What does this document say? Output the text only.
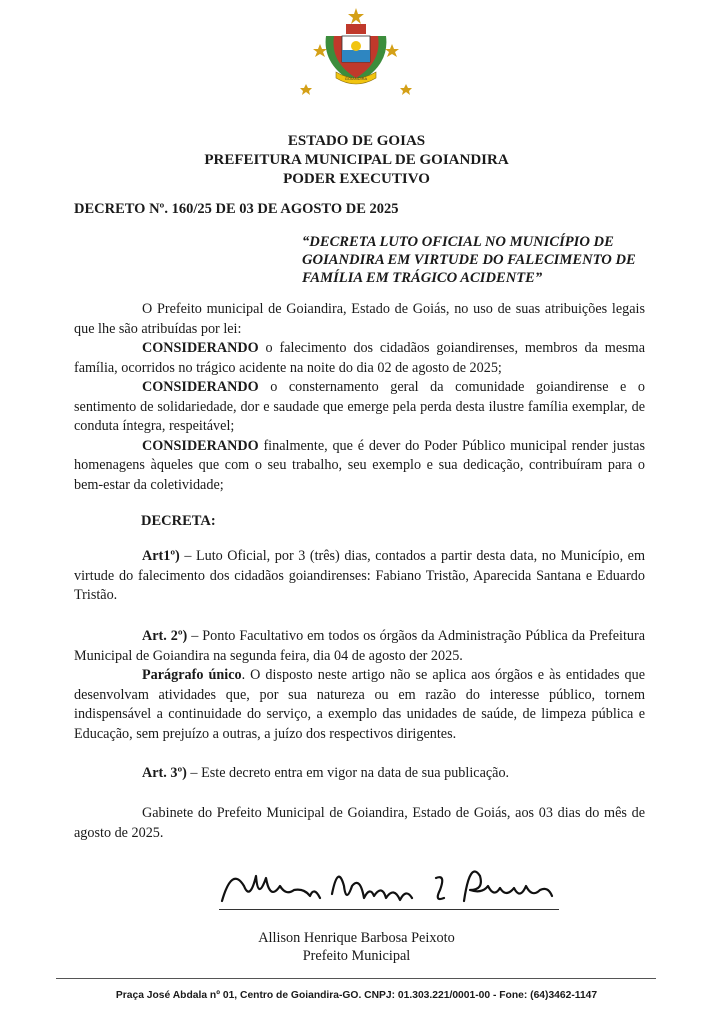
GOIANDIRA
ESTADO DE GOIAS
PREFEITURA MUNICIPAL DE GOIANDIRA
PODER EXECUTIVO
DECRETO Nº. 160/25 DE 03 DE AGOSTO DE 2025
“DECRETA LUTO OFICIAL NO MUNICÍPIO DE GOIANDIRA EM VIRTUDE DO FALECIMENTO DE FAMÍLIA EM TRÁGICO ACIDENTE”
O Prefeito municipal de Goiandira, Estado de Goiás, no uso de suas atribuições legais que lhe são atribuídas por lei:
CONSIDERANDO o falecimento dos cidadãos goiandirenses, membros da mesma família, ocorridos no trágico acidente na noite do dia 02 de agosto de 2025;
CONSIDERANDO o consternamento geral da comunidade goiandirense e o sentimento de solidariedade, dor e saudade que emerge pela perda desta ilustre família exemplar, de conduta íntegra, respeitável;
CONSIDERANDO finalmente, que é dever do Poder Público municipal render justas homenagens àqueles que com o seu trabalho, seu exemplo e sua dedicação, contribuíram para o bem-estar da coletividade;
DECRETA:
Art1º) – Luto Oficial, por 3 (três) dias, contados a partir desta data, no Município, em virtude do falecimento dos cidadãos goiandirenses: Fabiano Tristão, Aparecida Santana e Eduardo Tristão.
Art. 2º) – Ponto Facultativo em todos os órgãos da Administração Pública da Prefeitura Municipal de Goiandira na segunda feira, dia 04 de agosto der 2025.
Parágrafo único. O disposto neste artigo não se aplica aos órgãos e às entidades que desenvolvam atividades que, por sua natureza ou em razão do interesse público, tornem indispensável a continuidade do serviço, a exemplo das unidades de saúde, de limpeza pública e Educação, sem prejuízo a outras, a juízo dos respectivos dirigentes.
Art. 3º) – Este decreto entra em vigor na data de sua publicação.
Gabinete do Prefeito Municipal de Goiandira, Estado de Goiás, aos 03 dias do mês de agosto de 2025.
Allison Henrique Barbosa Peixoto
Prefeito Municipal
Praça José Abdala nº 01, Centro de Goiandira-GO. CNPJ: 01.303.221/0001-00 - Fone: (64)3462-1147
